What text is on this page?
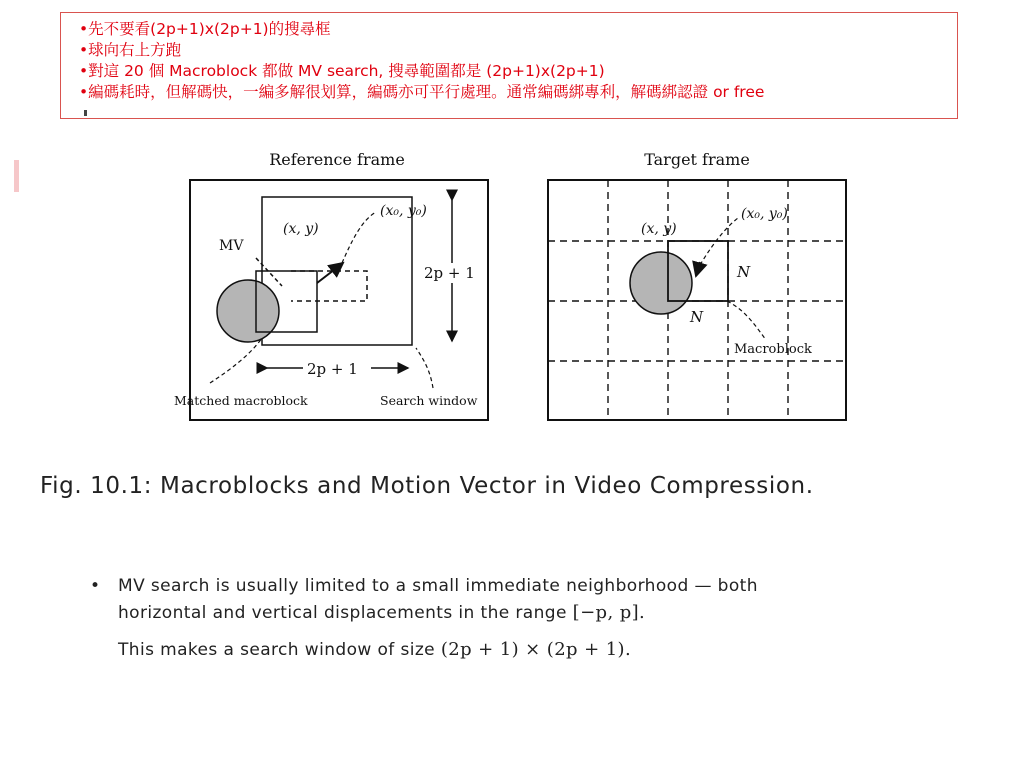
•先不要看(2p+1)x(2p+1)的搜尋框
•球向右上方跑
•對這 20 個 Macroblock 都做 MV search, 搜尋範圍都是 (2p+1)x(2p+1)
•編碼耗時，但解碼快，一編多解很划算，編碼亦可平行處理。通常編碼綁專利，解碼綁認證 or free
Reference frame
MV
(x, y)
(x₀, y₀)
2p + 1
2p + 1
Matched macroblock	Search window
Target frame
(x, y)
(x₀, y₀)
N
N
Macroblock
Fig. 10.1: Macroblocks and Motion Vector in Video Compression.
• MV search is usually limited to a small immediate neighborhood — both
horizontal and vertical displacements in the range [−p, p].
This makes a search window of size (2p + 1) × (2p + 1).
